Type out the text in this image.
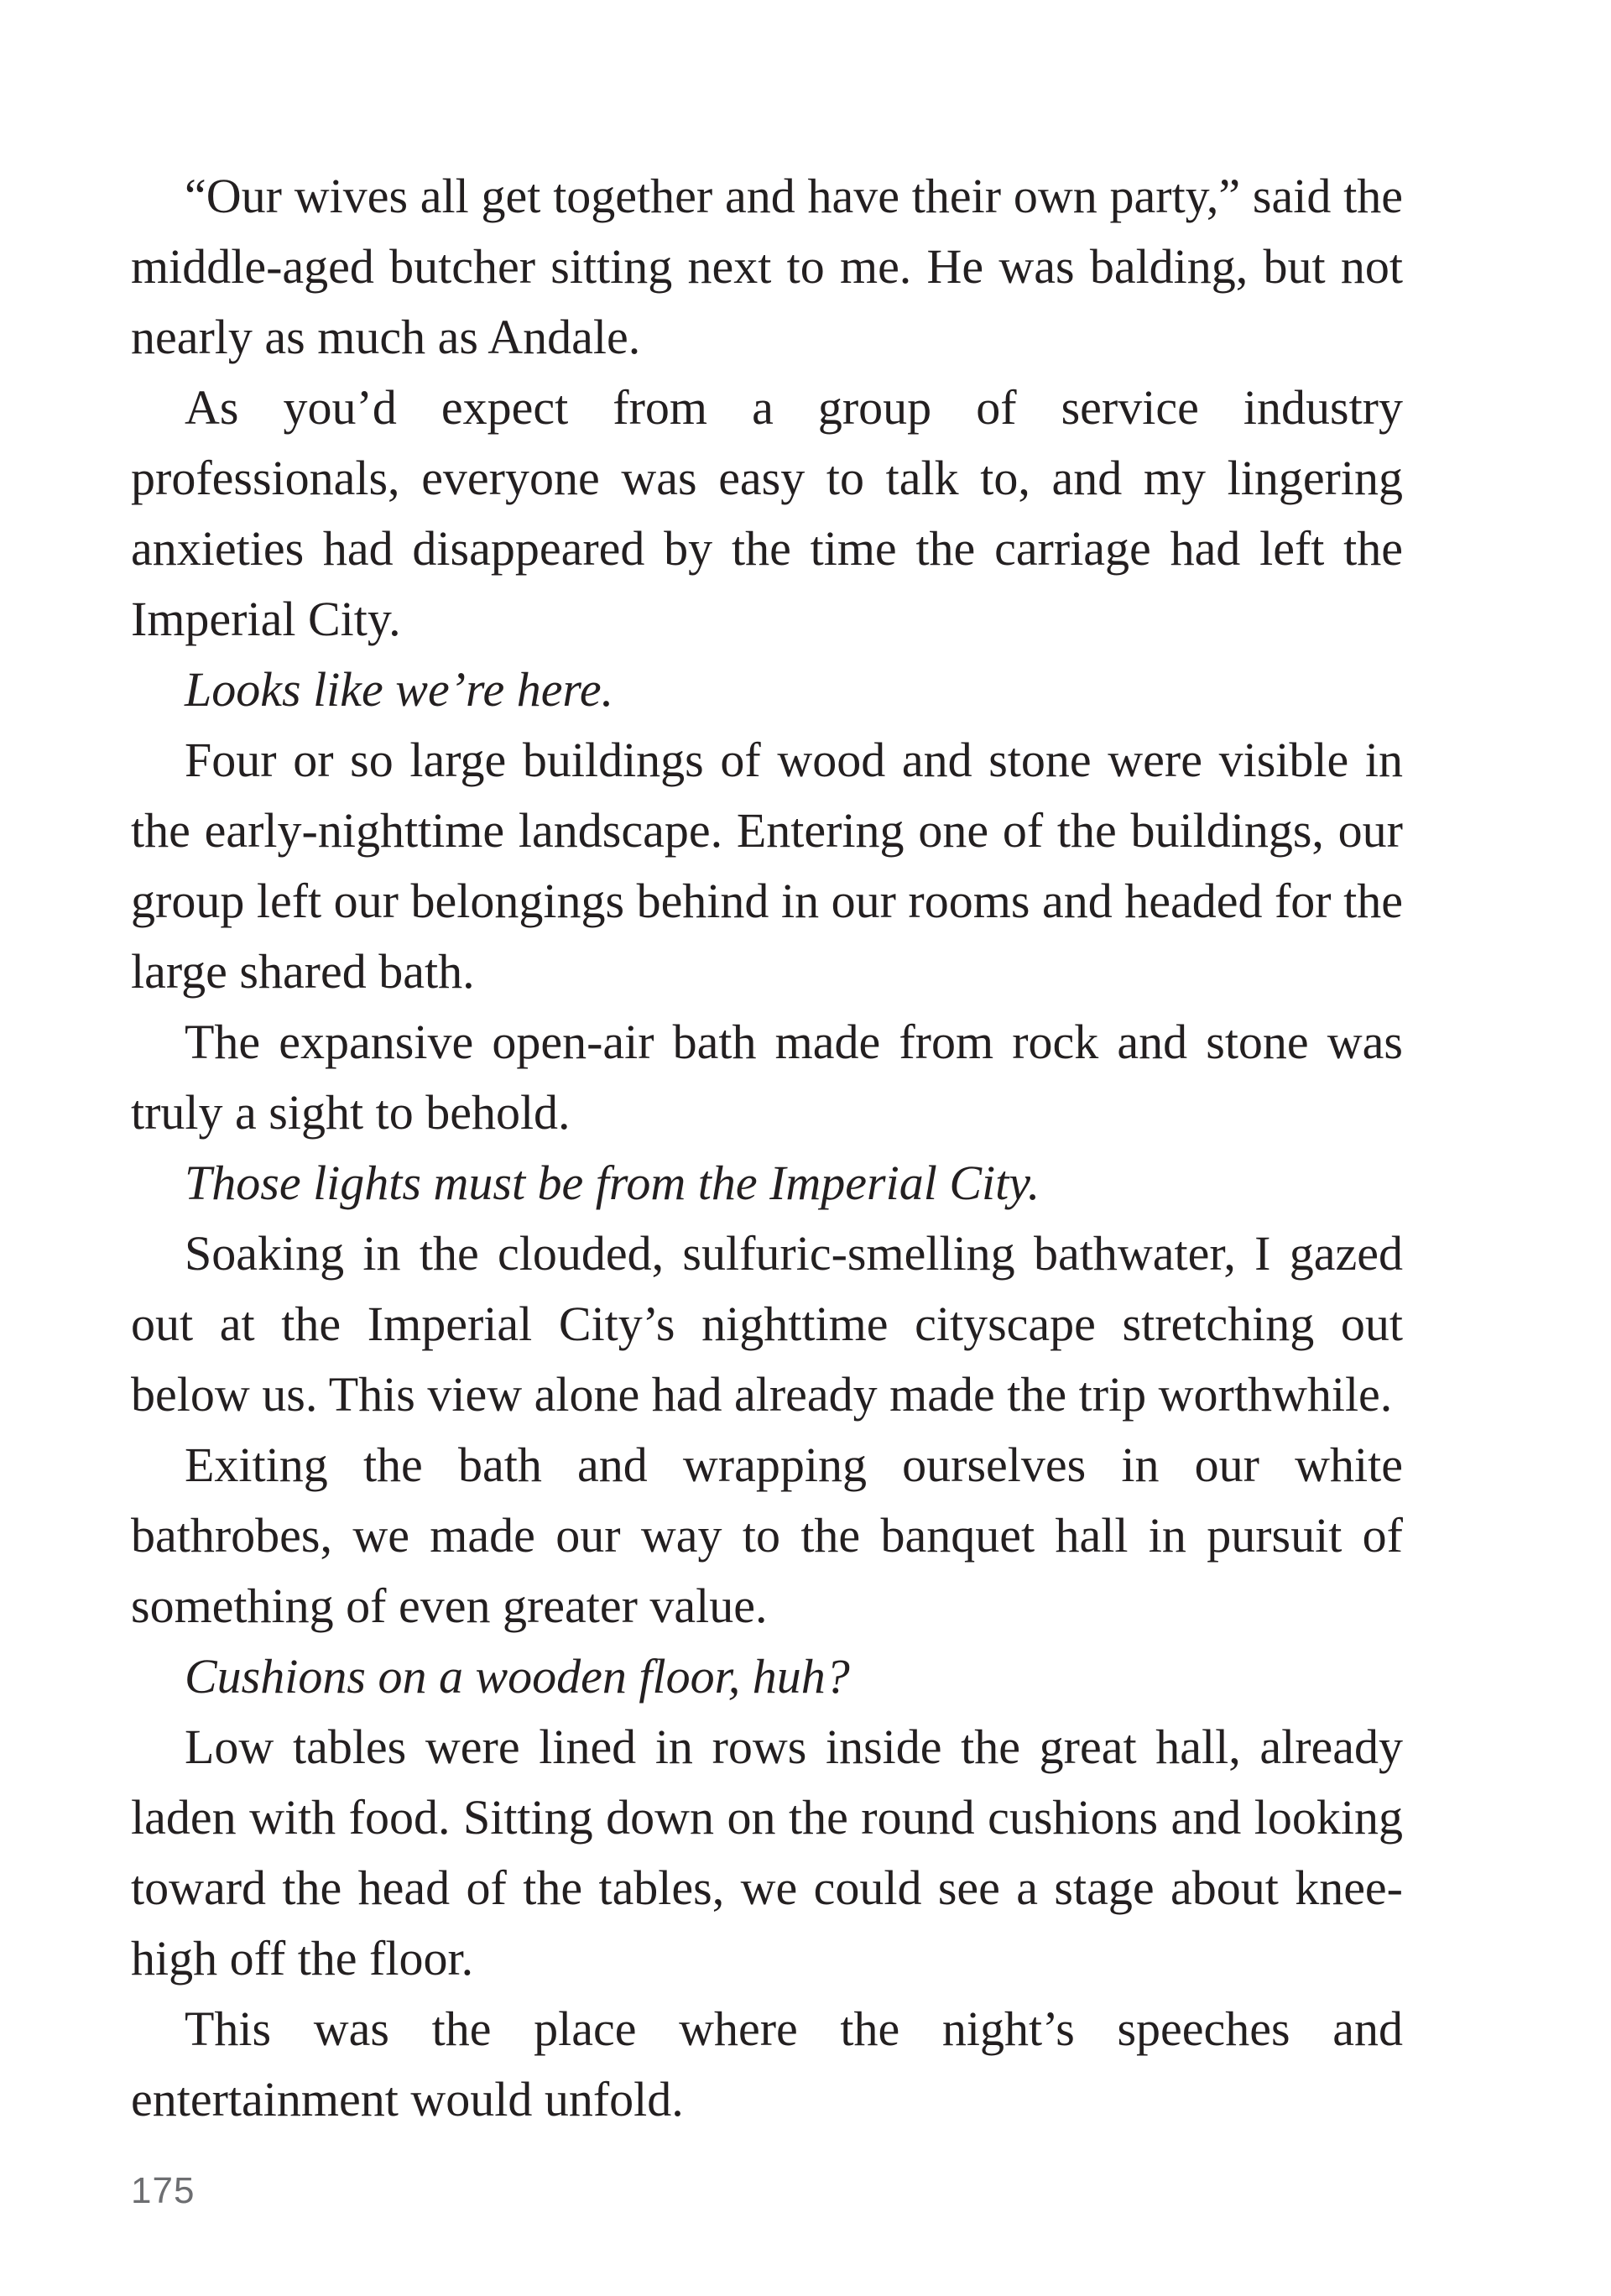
“Our wives all get together and have their own party,” said the middle-aged butcher sitting next to me. He was balding, but not nearly as much as Andale.

As you’d expect from a group of service industry professionals, everyone was easy to talk to, and my lingering anxieties had disappeared by the time the carriage had left the Imperial City.

Looks like we’re here.

Four or so large buildings of wood and stone were visible in the early-nighttime landscape. Entering one of the buildings, our group left our belongings behind in our rooms and headed for the large shared bath.

The expansive open-air bath made from rock and stone was truly a sight to behold.

Those lights must be from the Imperial City.

Soaking in the clouded, sulfuric-smelling bathwater, I gazed out at the Imperial City’s nighttime cityscape stretching out below us. This view alone had already made the trip worthwhile.

Exiting the bath and wrapping ourselves in our white bathrobes, we made our way to the banquet hall in pursuit of something of even greater value.

Cushions on a wooden floor, huh?

Low tables were lined in rows inside the great hall, already laden with food. Sitting down on the round cushions and looking toward the head of the tables, we could see a stage about knee-high off the floor.

This was the place where the night’s speeches and entertainment would unfold.

175
